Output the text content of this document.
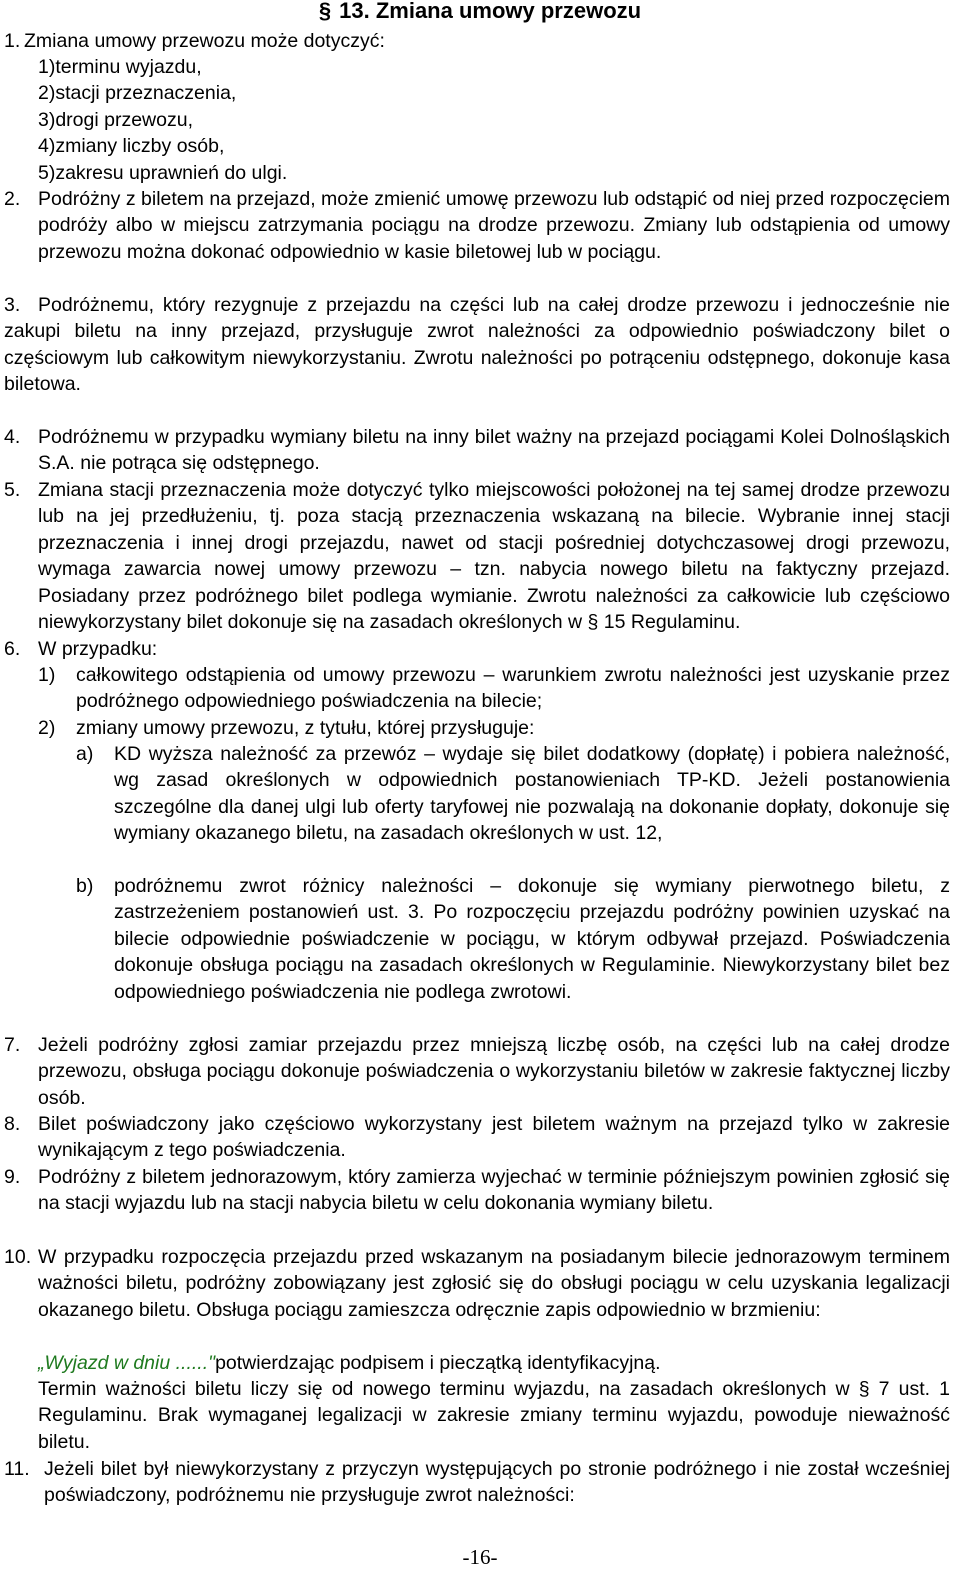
§ 13. Zmiana umowy przewozu
1. Zmiana umowy przewozu może dotyczyć:
1)terminu wyjazdu,
2)stacji przeznaczenia,
3)drogi przewozu,
4)zmiany liczby osób,
5)zakresu uprawnień do ulgi.
2. Podróżny z biletem na przejazd, może zmienić umowę przewozu lub odstąpić od niej przed rozpoczęciem podróży albo w miejscu zatrzymania pociągu na drodze przewozu. Zmiany lub odstąpienia od umowy przewozu można dokonać odpowiednio w kasie biletowej lub w pociągu.
3. Podróżnemu, który rezygnuje z przejazdu na części lub na całej drodze przewozu i jednocześnie nie zakupi biletu na inny przejazd, przysługuje zwrot należności za odpowiednio poświadczony bilet o częściowym lub całkowitym niewykorzystaniu. Zwrotu należności po potrąceniu odstępnego, dokonuje kasa biletowa.
4. Podróżnemu w przypadku wymiany biletu na inny bilet ważny na przejazd pociągami Kolei Dolnośląskich S.A. nie potrąca się odstępnego.
5. Zmiana stacji przeznaczenia może dotyczyć tylko miejscowości położonej na tej samej drodze przewozu lub na jej przedłużeniu, tj. poza stacją przeznaczenia wskazaną na bilecie. Wybranie innej stacji przeznaczenia i innej drogi przejazdu, nawet od stacji pośredniej dotychczasowej drogi przewozu, wymaga zawarcia nowej umowy przewozu – tzn. nabycia nowego biletu na faktyczny przejazd. Posiadany przez podróżnego bilet podlega wymianie. Zwrotu należności za całkowicie lub częściowo niewykorzystany bilet dokonuje się na zasadach określonych w § 15 Regulaminu.
6. W przypadku:
1) całkowitego odstąpienia od umowy przewozu – warunkiem zwrotu należności jest uzyskanie przez podróżnego odpowiedniego poświadczenia na bilecie;
2) zmiany umowy przewozu, z tytułu, której przysługuje:
a) KD wyższa należność za przewóz – wydaje się bilet dodatkowy (dopłatę) i pobiera należność, wg zasad określonych w odpowiednich postanowieniach TP-KD. Jeżeli postanowienia szczególne dla danej ulgi lub oferty taryfowej nie pozwalają na dokonanie dopłaty, dokonuje się wymiany okazanego biletu, na zasadach określonych w ust. 12,
b) podróżnemu zwrot różnicy należności – dokonuje się wymiany pierwotnego biletu, z zastrzeżeniem postanowień ust. 3. Po rozpoczęciu przejazdu podróżny powinien uzyskać na bilecie odpowiednie poświadczenie w pociągu, w którym odbywał przejazd. Poświadczenia dokonuje obsługa pociągu na zasadach określonych w Regulaminie. Niewykorzystany bilet bez odpowiedniego poświadczenia nie podlega zwrotowi.
7. Jeżeli podróżny zgłosi zamiar przejazdu przez mniejszą liczbę osób, na części lub na całej drodze przewozu, obsługa pociągu dokonuje poświadczenia o wykorzystaniu biletów w zakresie faktycznej liczby osób.
8. Bilet poświadczony jako częściowo wykorzystany jest biletem ważnym na przejazd tylko w zakresie wynikającym z tego poświadczenia.
9. Podróżny z biletem jednorazowym, który zamierza wyjechać w terminie późniejszym powinien zgłosić się na stacji wyjazdu lub na stacji nabycia biletu w celu dokonania wymiany biletu.
10. W przypadku rozpoczęcia przejazdu przed wskazanym na posiadanym bilecie jednorazowym terminem ważności biletu, podróżny zobowiązany jest zgłosić się do obsługi pociągu w celu uzyskania legalizacji okazanego biletu. Obsługa pociągu zamieszcza odręcznie zapis odpowiednio w brzmieniu:
„Wyjazd w dniu ......"potwierdzając podpisem i pieczątką identyfikacyjną.
Termin ważności biletu liczy się od nowego terminu wyjazdu, na zasadach określonych w § 7 ust. 1 Regulaminu. Brak wymaganej legalizacji w zakresie zmiany terminu wyjazdu, powoduje nieważność biletu.
11. Jeżeli bilet był niewykorzystany z przyczyn występujących po stronie podróżnego i nie został wcześniej poświadczony, podróżnemu nie przysługuje zwrot należności:
-16-
